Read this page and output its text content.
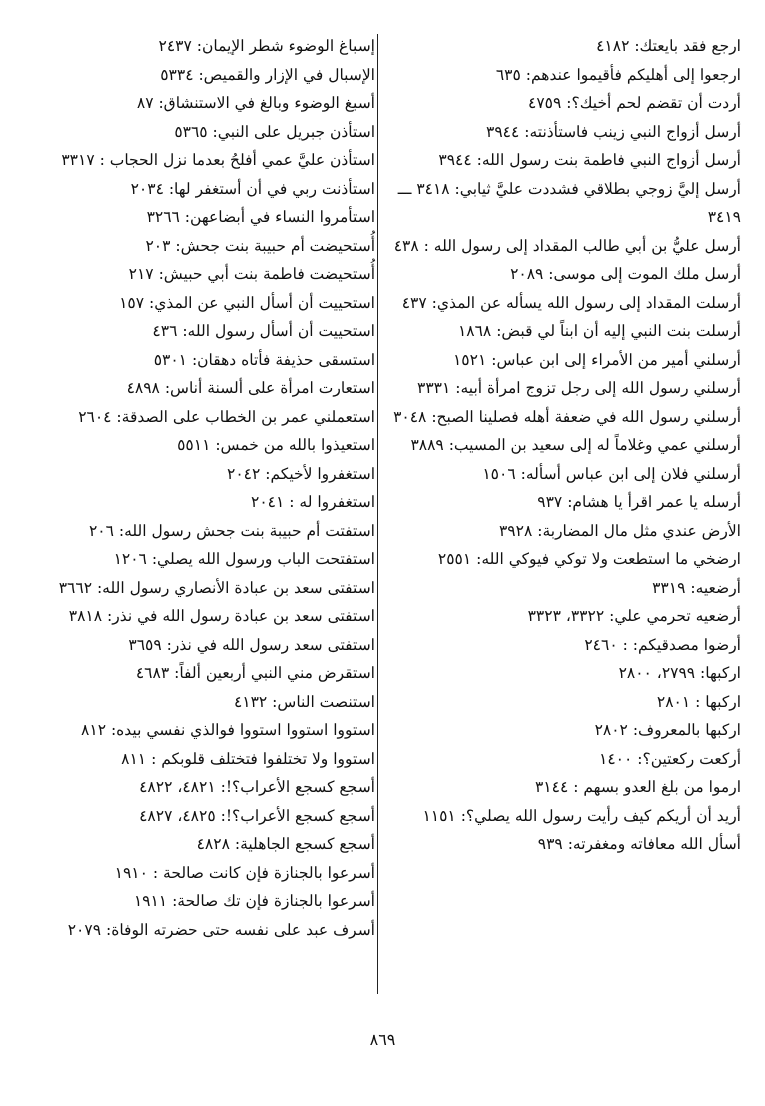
ارجع فقد بايعتك: ٤١٨٢
ارجعوا إلى أهليكم فأقيموا عندهم: ٦٣٥
أردت أن تقضم لحم أخيك؟: ٤٧٥٩
أرسل أزواج النبي زينب فاستأذنته: ٣٩٤٤
أرسل أزواج النبي فاطمة بنت رسول الله: ٣٩٤٤
أرسل إليَّ زوجي بطلاقي فشددت عليَّ ثيابي: ٣٤١٨ ـــ ٣٤١٩
أرسل عليُّ بن أبي طالب المقداد إلى رسول الله : ٤٣٨
أرسل ملك الموت إلى موسى: ٢٠٨٩
أرسلت المقداد إلى رسول الله يسأله عن المذي: ٤٣٧
أرسلت بنت النبي إليه أن ابناً لي قبض: ١٨٦٨
أرسلني أمير من الأمراء إلى ابن عباس: ١٥٢١
أرسلني رسول الله إلى رجل تزوج امرأة أبيه: ٣٣٣١
أرسلني رسول الله في ضعفة أهله فصلينا الصبح: ٣٠٤٨
أرسلني عمي وغلاماً له إلى سعيد بن المسيب: ٣٨٨٩
أرسلني فلان إلى ابن عباس أسأله: ١٥٠٦
أرسله يا عمر اقرأ يا هشام: ٩٣٧
الأرض عندي مثل مال المضاربة: ٣٩٢٨
ارضخي ما استطعت ولا توكي فيوكي الله: ٢٥٥١
أرضعيه: ٣٣١٩
أرضعيه تحرمي علي: ٣٣٢٢، ٣٣٢٣
أرضوا مصدقيكم: : ٢٤٦٠
اركبها: ٢٧٩٩، ٢٨٠٠
اركبها : ٢٨٠١
اركبها بالمعروف: ٢٨٠٢
أركعت ركعتين؟: ١٤٠٠
ارموا من بلغ العدو بسهم : ٣١٤٤
أريد أن أريكم كيف رأيت رسول الله يصلي؟: ١١٥١
أسأل الله معافاته ومغفرته: ٩٣٩
إسباغ الوضوء شطر الإيمان: ٢٤٣٧
الإسبال في الإزار والقميص: ٥٣٣٤
أسبغ الوضوء وبالغ في الاستنشاق: ٨٧
استأذن جبريل على النبي: ٥٣٦٥
استأذن عليَّ عمي أفلحُ بعدما نزل الحجاب : ٣٣١٧
استأذنت ربي في أن أستغفر لها: ٢٠٣٤
استأمروا النساء في أبضاعهن: ٣٢٦٦
أُستحيضت أم حبيبة بنت جحش: ٢٠٣
أُستحيضت فاطمة بنت أبي حبيش: ٢١٧
استحييت أن أسأل النبي عن المذي: ١٥٧
استحييت أن أسأل رسول الله: ٤٣٦
استسقى حذيفة فأتاه دهقان: ٥٣٠١
استعارت امرأة على ألسنة أناس: ٤٨٩٨
استعملني عمر بن الخطاب على الصدقة: ٢٦٠٤
استعيذوا بالله من خمس: ٥٥١١
استغفروا لأخيكم: ٢٠٤٢
استغفروا له : ٢٠٤١
استفتت أم حبيبة بنت جحش رسول الله: ٢٠٦
استفتحت الباب ورسول الله يصلي: ١٢٠٦
استفتى سعد بن عبادة الأنصاري رسول الله: ٣٦٦٢
استفتى سعد بن عبادة رسول الله في نذر: ٣٨١٨
استفتى سعد رسول الله في نذر: ٣٦٥٩
استقرض مني النبي أربعين ألفاً: ٤٦٨٣
استنصت الناس: ٤١٣٢
استووا استووا استووا فوالذي نفسي بيده: ٨١٢
استووا ولا تختلفوا فتختلف قلوبكم : ٨١١
أسجع كسجع الأعراب؟!: ٤٨٢١، ٤٨٢٢
أسجع كسجع الأعراب؟!: ٤٨٢٥، ٤٨٢٧
أسجع كسجع الجاهلية: ٤٨٢٨
أسرعوا بالجنازة فإن كانت صالحة : ١٩١٠
أسرعوا بالجنازة فإن تك صالحة: ١٩١١
أسرف عبد على نفسه حتى حضرته الوفاة: ٢٠٧٩
٨٦٩
